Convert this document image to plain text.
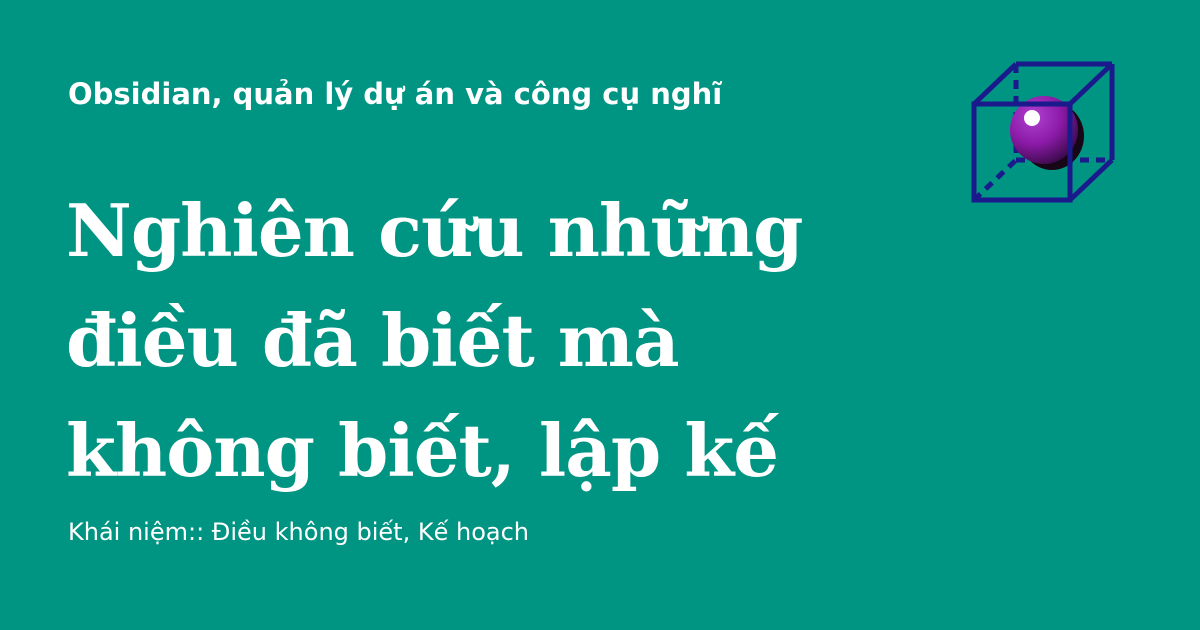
Obsidian, quản lý dự án và công cụ nghĩ
Nghiên cứu những
điều đã biết mà
không biết, lập kế
Khái niệm:: Điều không biết, Kế hoạch
